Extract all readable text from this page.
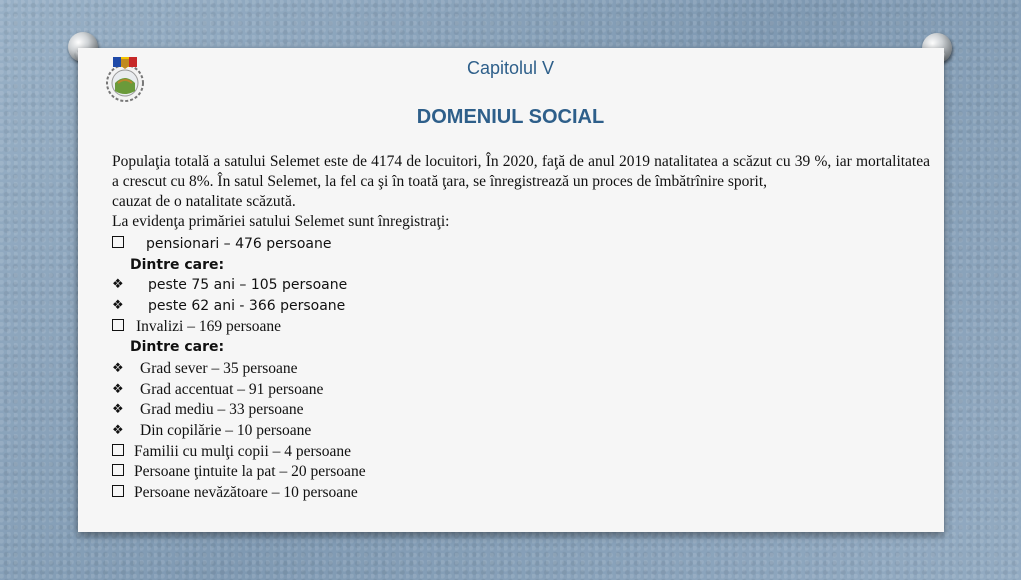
Capitolul V
DOMENIUL SOCIAL
Populaţia totală a satului Selemet este de 4174 de locuitori, În 2020, faţă de anul 2019 natalitatea a scăzut cu 39 %, iar mortalitatea a crescut cu 8%. În satul Selemet, la fel ca şi în toată ţara, se înregistrează un proces de îmbătrînire sporit,
cauzat de o natalitate scăzută.
La evidenţa primăriei satului Selemet sunt înregistraţi:
pensionari – 476 persoane
Dintre care:
❖ peste 75 ani – 105 persoane
❖ peste 62 ani - 366 persoane
Invalizi – 169 persoane
Dintre care:
❖ Grad sever – 35 persoane
❖ Grad accentuat – 91 persoane
❖ Grad mediu – 33 persoane
❖ Din copilărie – 10 persoane
Familii cu mulţi copii – 4 persoane
Persoane ţintuite la pat – 20 persoane
Persoane nevăzătoare – 10 persoane
